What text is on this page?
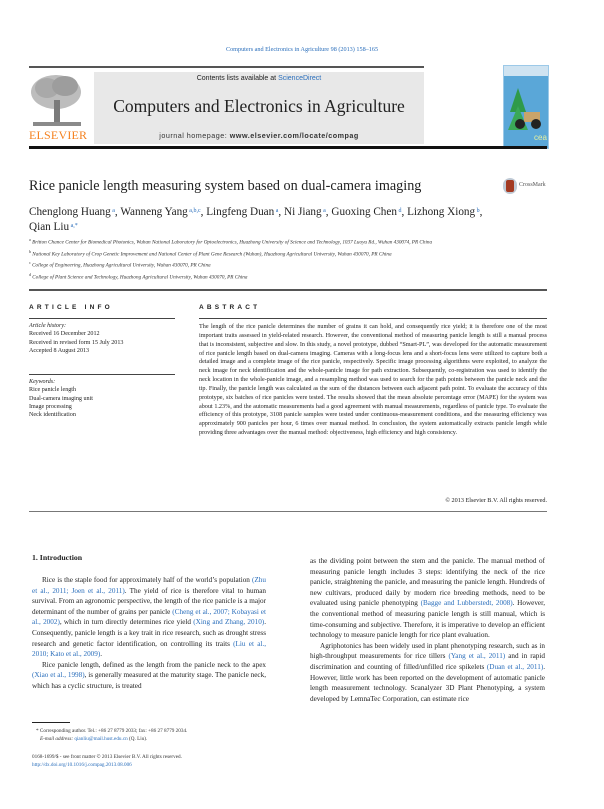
Computers and Electronics in Agriculture 98 (2013) 158–165
ELSEVIER
Contents lists available at ScienceDirect
Computers and Electronics in Agriculture
journal homepage: www.elsevier.com/locate/compag	cea
Rice panicle length measuring system based on dual-camera imaging	CrossMark
Chenglong Huang $^a$, Wanneng Yang $^{a,b,c}$, Lingfeng Duan $^a$, Ni Jiang $^a$, Guoxing Chen $^d$, Lizhong Xiong $^b$,
Qian Liu $^{a,*}$
$^a$ Britton Chance Center for Biomedical Photonics, Wuhan National Laboratory for Optoelectronics, Huazhong University of Science and Technology, 1037 Luoyu Rd., Wuhan 430074, PR China
$^b$ National Key Laboratory of Crop Genetic Improvement and National Center of Plant Gene Research (Wuhan), Huazhong Agricultural University, Wuhan 430070, PR China
$^c$ College of Engineering, Huazhong Agricultural University, Wuhan 430070, PR China
$^d$ College of Plant Science and Technology, Huazhong Agricultural University, Wuhan 430070, PR China
ARTICLE INFO	ABSTRACT
Article history:
Received 16 December 2012
Received in revised form 15 July 2013
Accepted 8 August 2013
Keywords:
Rice panicle length
Dual-camera imaging unit
Image processing
Neck identification
The length of the rice panicle determines the number of grains it can hold, and consequently rice yield; it is therefore one of the most important traits assessed in yield-related research. However, the conventional method of measuring panicle length is still a manual process that is inconsistent, subjective and slow. In this study, a novel prototype, dubbed “Smart-PL”, was developed for the automatic measurement of rice panicle length based on dual-camera imaging. Cameras with a long-focus lens and a short-focus lens were utilized to capture both a detailed image and a complete image of the rice panicle, respectively. Specific image processing algorithms were exploited, to analyze the neck image for neck identification and the whole-panicle image for path extraction. Subsequently, co-registration was used to identify the neck location in the whole-panicle image, and a resampling method was used to search for the path points between the panicle neck and the tip. Finally, the panicle length was calculated as the sum of the distances between each adjacent path point. To evaluate the accuracy of this prototype, six batches of rice panicles were tested. The results showed that the mean absolute percentage error (MAPE) for the system was about 1.23%, and the automatic measurements had a good agreement with manual measurements, regardless of panicle type. To evaluate the efficiency of this prototype, 3108 panicle samples were tested under continuous-measurement conditions, and the measuring efficiency was approximately 900 panicles per hour, 6 times over manual method. In conclusion, the system automatically extracts panicle length while providing three advantages over the manual method: objectiveness, high efficiency and high consistency.
© 2013 Elsevier B.V. All rights reserved.
1. Introduction

Rice is the staple food for approximately half of the world’s population (Zhu et al., 2011; Joen et al., 2011). The yield of rice is therefore vital to human survival. From an agronomic perspective, the length of the rice panicle is a major determinant of the number of grains per panicle (Cheng et al., 2007; Kobayasi et al., 2002), which in turn directly determines rice yield (Xing and Zhang, 2010). Consequently, panicle length is a key trait in rice research, such as drought stress research and genetic factor identification, on controlling its traits (Liu et al., 2010; Kato et al., 2009).

Rice panicle length, defined as the length from the panicle neck to the apex (Xiao et al., 1998), is generally measured at the maturity stage. The panicle neck, which has a cyclic structure, is treated

as the dividing point between the stem and the panicle. The manual method of measuring panicle length includes 3 steps: identifying the neck of the rice panicle, straightening the panicle, and measuring the panicle length. Hundreds of new cultivars, produced daily by modern rice breeding methods, need to be evaluated using panicle phenotyping (Bagge and Lubberstedt, 2008). However, the conventional method of measuring panicle length is still manual, which is time-consuming and subjective. Therefore, it is imperative to develop an efficient technology to measure panicle length for rice plant evaluation.

Agriphotonics has been widely used in plant phenotyping research, such as in high-throughput measurements for rice tillers (Yang et al., 2011) and in rapid discrimination and counting of filled/unfilled rice spikelets (Duan et al., 2011). However, little work has been reported on the development of automatic panicle length measurement technology. Scanalyzer 3D Plant Phenotyping, a system developed by LemnaTec Corporation, can estimate rice

* Corresponding author. Tel.: +86 27 8779 2033; fax: +86 27 8779 2034.
E-mail address: qianliu@mail.hust.edu.cn (Q. Liu).
0168-1699/$ - see front matter © 2013 Elsevier B.V. All rights reserved.
http://dx.doi.org/10.1016/j.compag.2013.08.006
